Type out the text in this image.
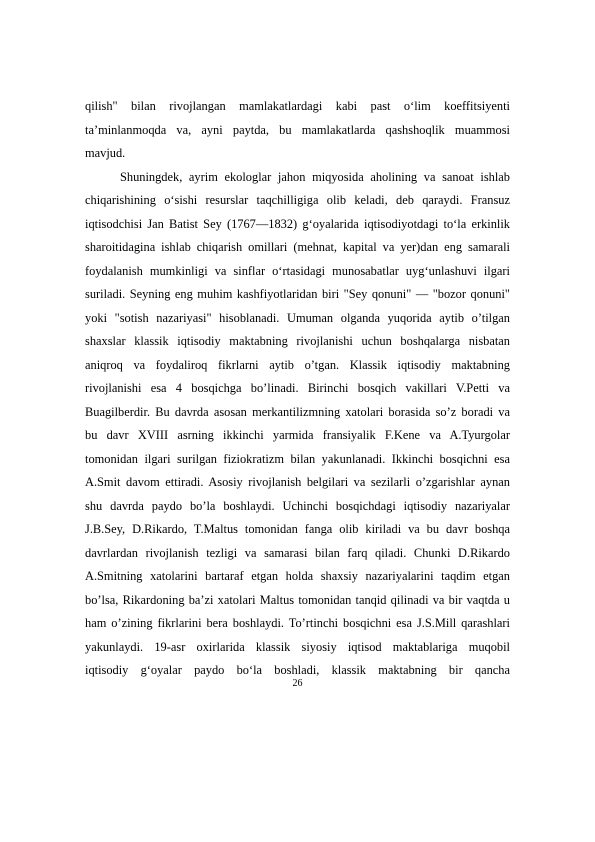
qilish" bilan rivojlangan mamlakatlardagi kabi past o‘lim koeffitsiyenti
ta’minlanmoqda va, ayni paytda, bu mamlakatlarda qashshoqlik muammosi
mavjud.
Shuningdek, ayrim ekologlar jahon miqyosida aholining va sanoat ishlab
chiqarishining o‘sishi resurslar taqchilligiga olib keladi, deb qaraydi. Fransuz
iqtisodchisi Jan Batist Sey (1767—1832) g‘oyalarida iqtisodiyotdagi to‘la erkinlik
sharoitidagina ishlab chiqarish omillari (mehnat, kapital va yer)dan eng samarali
foydalanish mumkinligi va sinflar o‘rtasidagi munosabatlar uyg‘unlashuvi ilgari
suriladi. Seyning eng muhim kashfiyotlaridan biri "Sey qonuni" — "bozor qonuni"
yoki "sotish nazariyasi" hisoblanadi. Umuman olganda yuqorida aytib o’tilgan
shaxslar klassik iqtisodiy maktabning rivojlanishi uchun boshqalarga nisbatan
aniqroq va foydaliroq fikrlarni aytib o’tgan. Klassik iqtisodiy maktabning
rivojlanishi esa 4 bosqichga bo’linadi. Birinchi bosqich vakillari V.Petti va
Buagilberdir. Bu davrda asosan merkantilizmning xatolari borasida so’z boradi va
bu davr XVIII asrning ikkinchi yarmida fransiyalik F.Kene va A.Tyurgolar
tomonidan ilgari surilgan fiziokratizm bilan yakunlanadi. Ikkinchi bosqichni esa
A.Smit davom ettiradi. Asosiy rivojlanish belgilari va sezilarli o’zgarishlar aynan
shu davrda paydo bo’la boshlaydi. Uchinchi bosqichdagi iqtisodiy nazariyalar
J.B.Sey, D.Rikardo, T.Maltus tomonidan fanga olib kiriladi va bu davr boshqa
davrlardan rivojlanish tezligi va samarasi bilan farq qiladi. Chunki D.Rikardo
A.Smitning xatolarini bartaraf etgan holda shaxsiy nazariyalarini taqdim etgan
bo’lsa, Rikardoning ba’zi xatolari Maltus tomonidan tanqid qilinadi va bir vaqtda u
ham o’zining fikrlarini bera boshlaydi. To’rtinchi bosqichni esa J.S.Mill qarashlari
yakunlaydi. 19-asr oxirlarida klassik siyosiy iqtisod maktablariga muqobil
iqtisodiy g‘oyalar paydo bo‘la boshladi, klassik maktabning bir qancha
26
